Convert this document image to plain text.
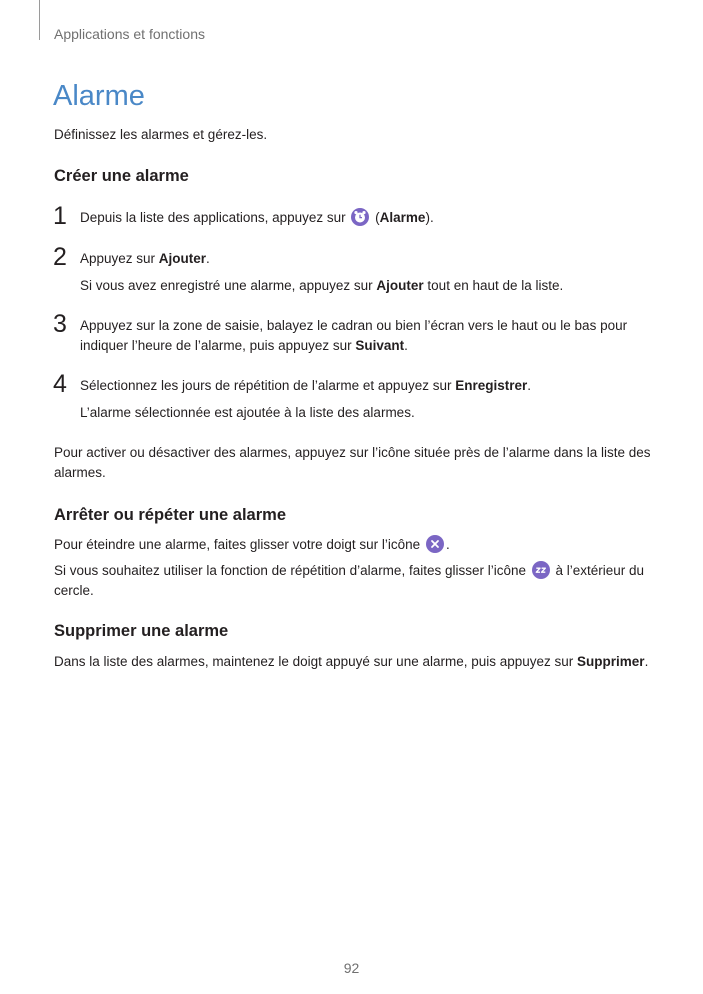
Applications et fonctions
Alarme

Définissez les alarmes et gérez-les.

Créer une alarme
1 Depuis la liste des applications, appuyez sur
(Alarme).

2 Appuyez sur Ajouter.

Si vous avez enregistré une alarme, appuyez sur Ajouter tout en haut de la liste.

3 Appuyez sur la zone de saisie, balayez le cadran ou bien l’écran vers le haut ou le bas pour

indiquer l’heure de l’alarme, puis appuyez sur Suivant.

4 Sélectionnez les jours de répétition de l’alarme et appuyez sur Enregistrer.

L’alarme sélectionnée est ajoutée à la liste des alarmes.

Pour activer ou désactiver des alarmes, appuyez sur l’icône située près de l’alarme dans la liste des

alarmes.

Arrêter ou répéter une alarme

Pour éteindre une alarme, faites glisser votre doigt sur l’icône
.

Si vous souhaitez utiliser la fonction de répétition d’alarme, faites glisser l’icône
à l’extérieur du

cercle.

Supprimer une alarme

Dans la liste des alarmes, maintenez le doigt appuyé sur une alarme, puis appuyez sur Supprimer.

92
